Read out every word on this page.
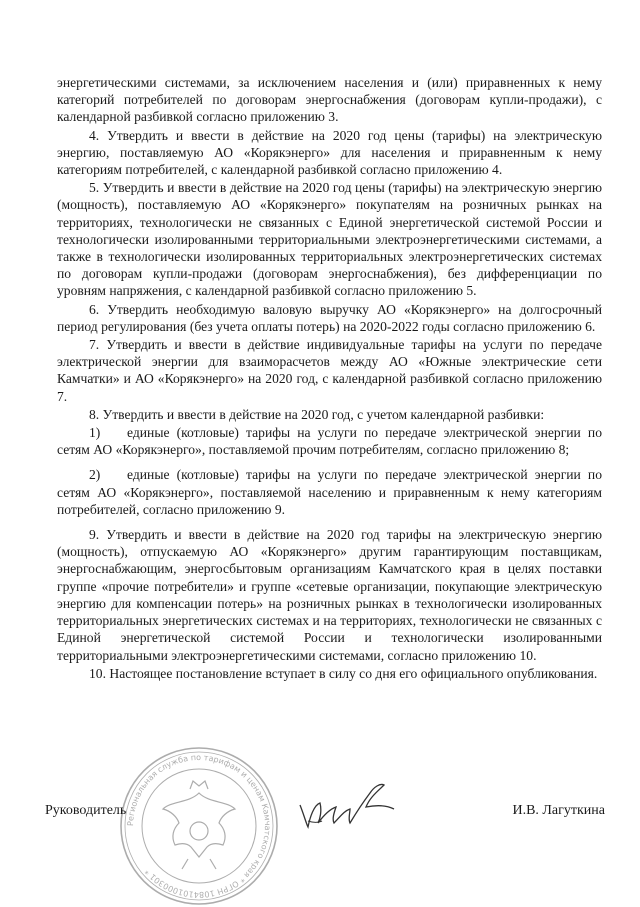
энергетическими системами, за исключением населения и (или) приравненных к нему категорий потребителей по договорам энергоснабжения (договорам купли-продажи), с календарной разбивкой согласно приложению 3.

4. Утвердить и ввести в действие на 2020 год цены (тарифы) на электрическую энергию, поставляемую АО «Корякэнерго» для населения и приравненным к нему категориям потребителей, с календарной разбивкой согласно приложению 4.

5. Утвердить и ввести в действие на 2020 год цены (тарифы) на электрическую энергию (мощность), поставляемую АО «Корякэнерго» покупателям на розничных рынках на территориях, технологически не связанных с Единой энергетической системой России и технологически изолированными территориальными электроэнергетическими системами, а также в технологически изолированных территориальных электроэнергетических системах по договорам купли-продажи (договорам энергоснабжения), без дифференциации по уровням напряжения, с календарной разбивкой согласно приложению 5.

6. Утвердить необходимую валовую выручку АО «Корякэнерго» на долгосрочный период регулирования (без учета оплаты потерь) на 2020-2022 годы согласно приложению 6.

7. Утвердить и ввести в действие индивидуальные тарифы на услуги по передаче электрической энергии для взаиморасчетов между АО «Южные электрические сети Камчатки» и АО «Корякэнерго» на 2020 год, с календарной разбивкой согласно приложению 7.

8. Утвердить и ввести в действие на 2020 год, с учетом календарной разбивки:

1) единые (котловые) тарифы на услуги по передаче электрической энергии по сетям АО «Корякэнерго», поставляемой прочим потребителям, согласно приложению 8;

2) единые (котловые) тарифы на услуги по передаче электрической энергии по сетям АО «Корякэнерго», поставляемой населению и приравненным к нему категориям потребителей, согласно приложению 9.

9. Утвердить и ввести в действие на 2020 год тарифы на электрическую энергию (мощность), отпускаемую АО «Корякэнерго» другим гарантирующим поставщикам, энергоснабжающим, энергосбытовым организациям Камчатского края в целях поставки группе «прочие потребители» и группе «сетевые организации, покупающие электрическую энергию для компенсации потерь» на розничных рынках в технологически изолированных территориальных энергетических системах и на территориях, технологически не связанных с Единой энергетической системой России и технологически изолированными территориальными электроэнергетическими системами, согласно приложению 10.

10. Настоящее постановление вступает в силу со дня его официального опубликования.

Региональная служба по тарифам и ценам Камчатского края * ОГРН 1084101000301 *
Руководитель	И.В. Лагуткина
